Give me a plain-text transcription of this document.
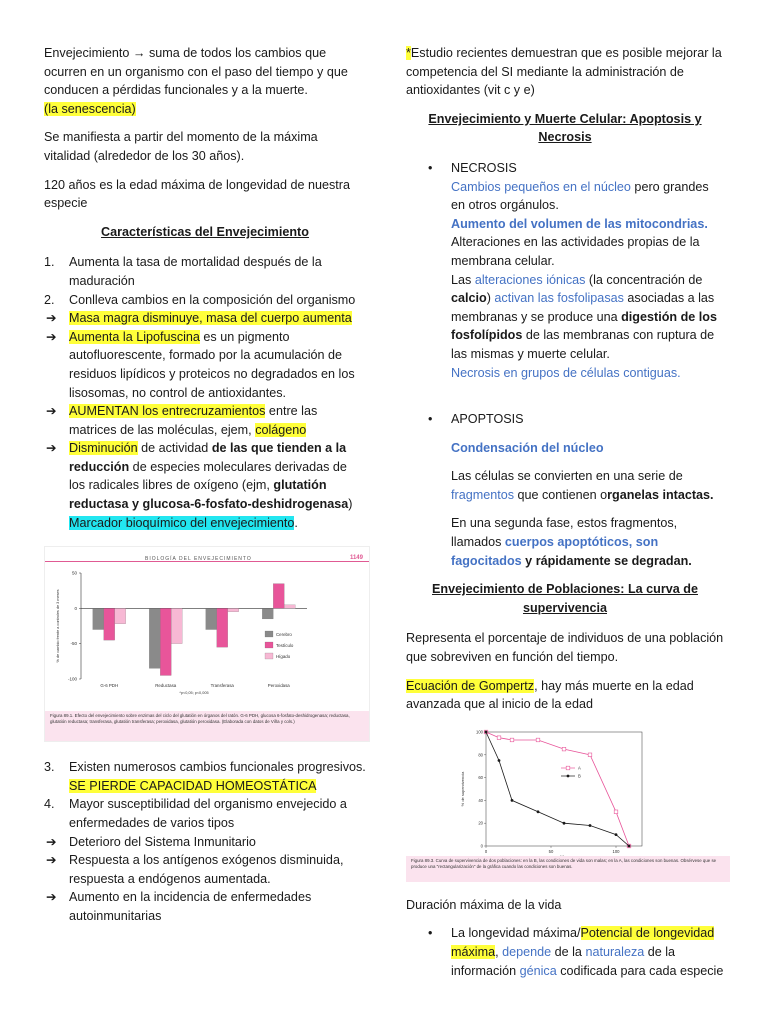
Envejecimiento → suma de todos los cambios que ocurren en un organismo con el paso del tiempo y que conducen a pérdidas funcionales y a la muerte.
(la senescencia)

Se manifiesta a partir del momento de la máxima vitalidad (alrededor de los 30 años).

120 años es la edad máxima de longevidad de nuestra especie

Características del Envejecimiento
1.	Aumenta la tasa de mortalidad después de la maduración
2.	Conlleva cambios en la composición del organismo
➔ Masa magra disminuye, masa del cuerpo aumenta
➔ Aumenta la Lipofuscina es un pigmento autofluorescente, formado por la acumulación de residuos lipídicos y proteicos no degradados en los lisosomas, no control de antioxidantes.
➔ AUMENTAN los entrecruzamientos entre las matrices de las moléculas, ejem, colágeno
➔ Disminución de actividad de las que tienden a la reducción de especies moleculares derivadas de los radicales libres de oxígeno (ejm, glutatión reductasa y glucosa-6-fosfato-deshidrogenasa) Marcador bioquímico del envejecimiento.
BIOLOGÍA DEL ENVEJECIMIENTO	1149
50
0
-50
-100
% de cambio frente a controles de 3 meses
G-6 PDH	Reductasa	Transferasa	Peroxidasa
Cerebro
Testículo
Hígado
*p<0,05; p<0,005
Figura 89.1. Efecto del envejecimiento sobre enzimas del ciclo del glutatión en órganos del ratón. G-6 PDH, glucosa 6-fosfato-deshidrogenasa; reductasa, glutatión reductasa; transferasa, glutatión transferasa; peroxidasa, glutatión peroxidasa. (Elaborada con datos de Viña y cols.)
3.	Existen numerosos cambios funcionales progresivos. SE PIERDE CAPACIDAD HOMEOSTÁTICA
4.	Mayor susceptibilidad del organismo envejecido a enfermedades de varios tipos
➔ Deterioro del Sistema Inmunitario
➔ Respuesta a los antígenos exógenos disminuida, respuesta a endógenos aumentada.
➔ Aumento en la incidencia de enfermedades autoinmunitarias

*Estudio recientes demuestran que es posible mejorar la competencia del SI mediante la administración de antioxidantes (vit c y e)

Envejecimiento y Muerte Celular: Apoptosis y Necrosis
• NECROSIS
Cambios pequeños en el núcleo pero grandes en otros orgánulos.
Aumento del volumen de las mitocondrias. Alteraciones en las actividades propias de la membrana celular.
Las alteraciones iónicas (la concentración de calcio) activan las fosfolipasas asociadas a las membranas y se produce una digestión de los fosfolípidos de las membranas con ruptura de las mismas y muerte celular.
Necrosis en grupos de células contiguas.
• APOPTOSIS

Condensación del núcleo

Las células se convierten en una serie de fragmentos que contienen organelas intactas.

En una segunda fase, estos fragmentos, llamados cuerpos apoptóticos, son fagocitados y rápidamente se degradan.

Envejecimiento de Poblaciones: La curva de supervivencia

Representa el porcentaje de individuos de una población que sobreviven en función del tiempo.

Ecuación de Gompertz, hay más muerte en la edad avanzada que al inicio de la edad

0
20
40
60
80
100
0	50	100
% de supervivencia
A
B
Figura 89.3. Curva de supervivencia de dos poblaciones: en la B, las condiciones de vida son malas; en la A, las condiciones son buenas. Obsérvese que se produce una "rectangularización" de la gráfica cuando las condiciones son buenas.

Duración máxima de la vida

• La longevidad máxima/Potencial de longevidad máxima, depende de la naturaleza de la información génica codificada para cada especie
